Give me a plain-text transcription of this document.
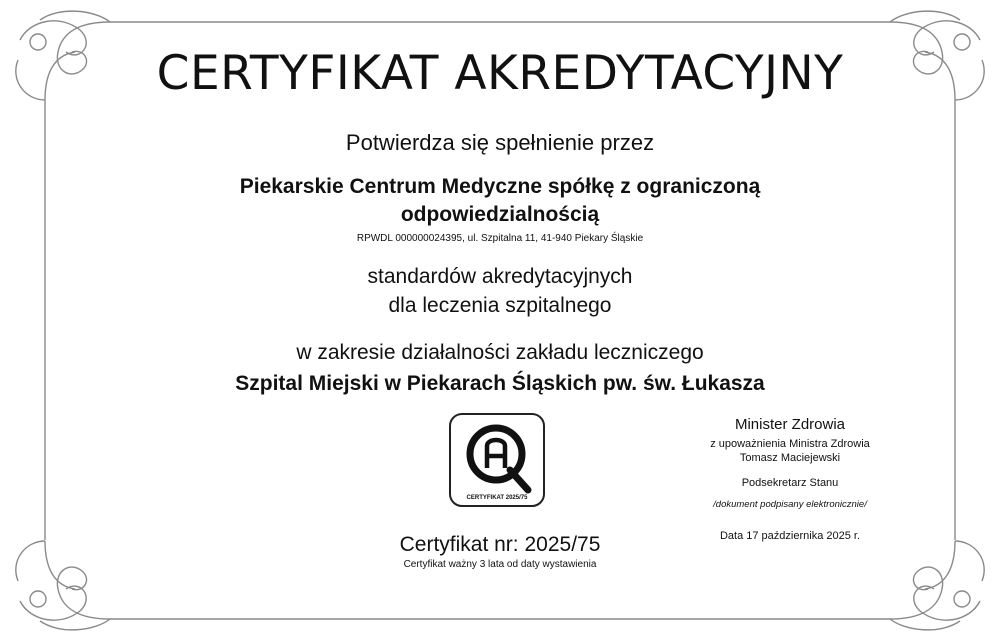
CERTYFIKAT AKREDYTACYJNY
Potwierdza się spełnienie przez
Piekarskie Centrum Medyczne spółkę z ograniczoną
odpowiedzialnością
RPWDL 000000024395, ul. Szpitalna 11, 41-940 Piekary Śląskie
standardów akredytacyjnych
dla leczenia szpitalnego
w zakresie działalności zakładu leczniczego
Szpital Miejski w Piekarach Śląskich pw. św. Łukasza
CERTYFIKAT 2025/75
Certyfikat nr: 2025/75
Certyfikat ważny 3 lata od daty wystawienia
Minister Zdrowia
z upoważnienia Ministra Zdrowia
Tomasz Maciejewski
Podsekretarz Stanu
/dokument podpisany elektronicznie/
Data 17 października 2025 r.
